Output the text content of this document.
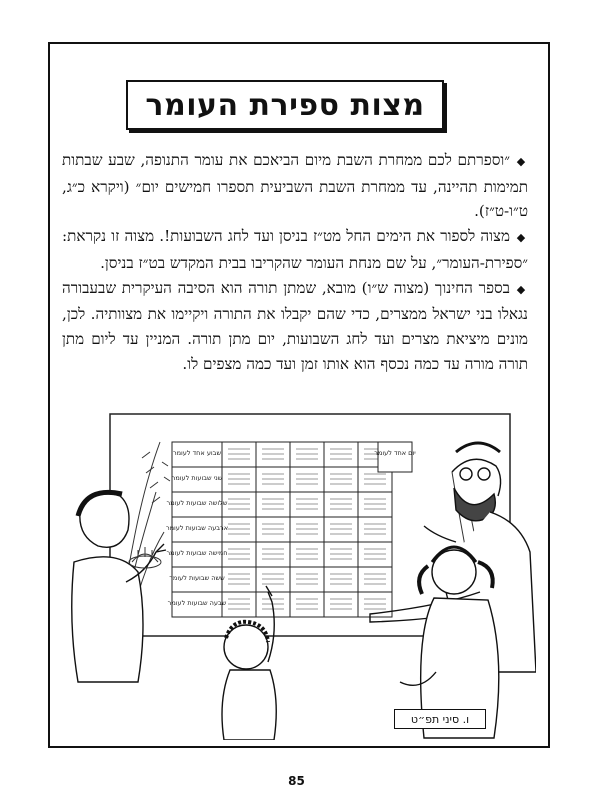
מצות ספירת העומר

◆״וספרתם לכם ממחרת השבת מיום הביאכם את עומר התנופה, שבע שבתות תמימות תהיינה, עד ממחרת השבת השביעית תספרו חמישים יום״ (ויקרא כ״ג, ט״ו-ט״ז).

◆מצוה לספור את הימים החל מט״ז בניסן ועד לחג השבועות!. מצוה זו נקראת: ״ספירת-העומר״, על שם מנחת העומר שהקריבו בבית המקדש בט״ז בניסן.

◆בספר החינוך (מצוה ש״ו) מובא, שמתן תורה הוא הסיבה העיקרית שבעבורה נגאלו בני ישראל ממצרים, כדי שהם יקבלו את התורה ויקיימו את מצוותיה. לכן, מונים מיציאת מצרים ועד לחג השבועות, יום מתן תורה. המניין עד ליום מתן תורה מורה עד כמה נכסף הוא אותו זמן ועד כמה מצפים לו.

יום אחד לעומר
שבוע אחד לעומר
שני שבועות לעומר
שלושה שבועות לעומר
ארבעה שבועות לעומר
חמישה שבועות לעומר
ששה שבועות לעומר
שבעה שבועות לעומר
ו. סיני תפ״ט
85
